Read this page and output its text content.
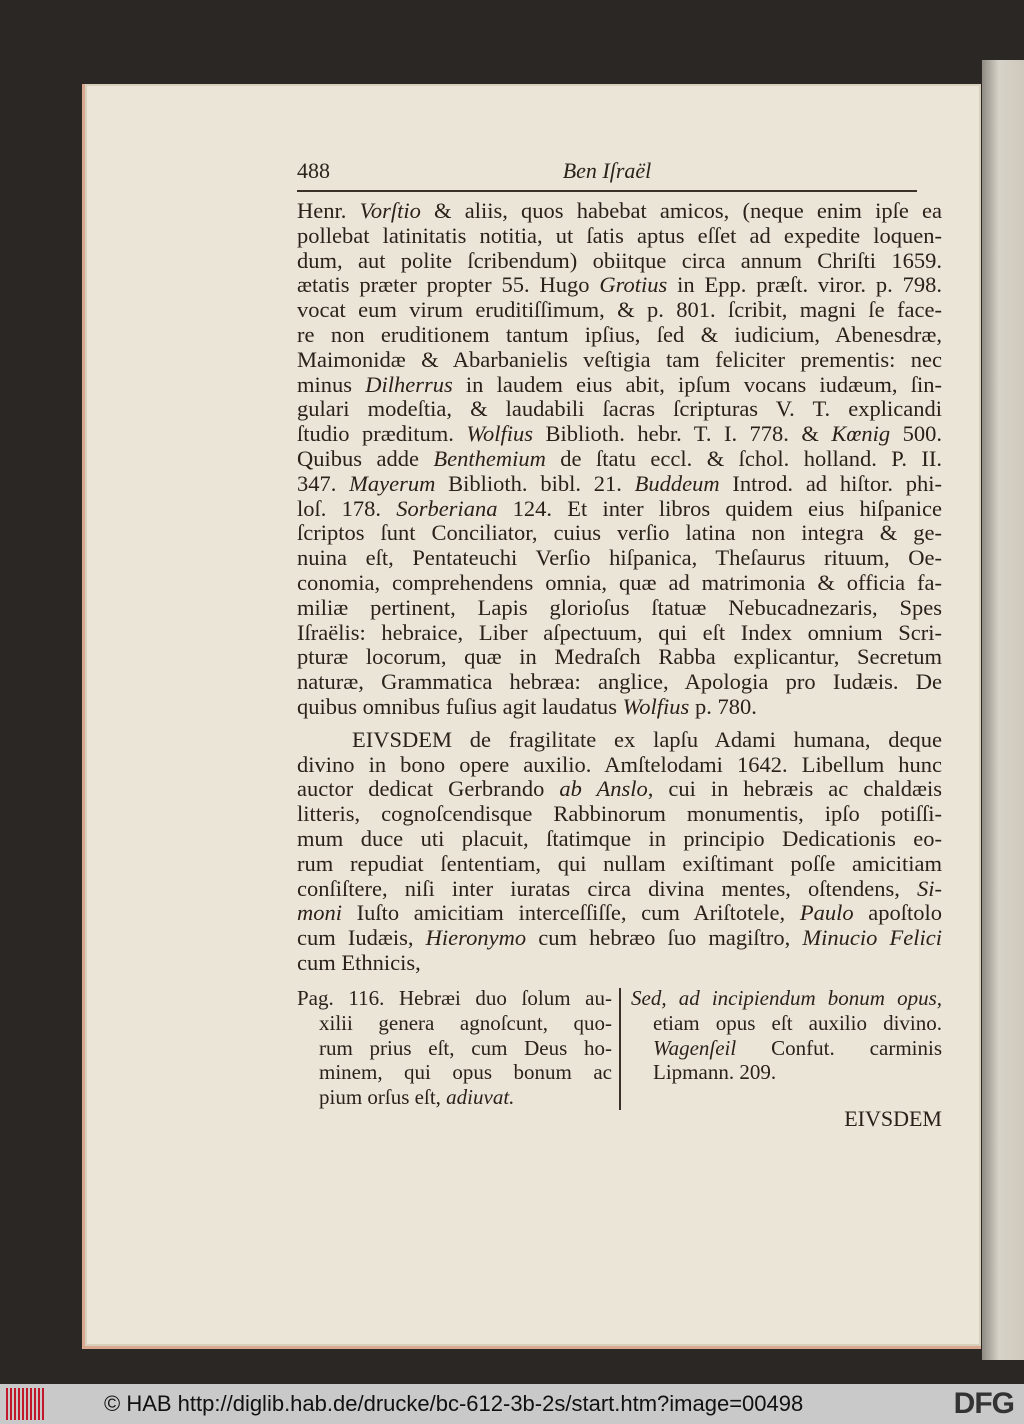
488	Ben Iſraël
Henr. Vorſtio & aliis, quos habebat amicos, (neque enim ipſe ea
pollebat latinitatis notitia, ut ſatis aptus eſſet ad expedite loquen-
dum, aut polite ſcribendum) obiitque circa annum Chriſti 1659.
ætatis præter propter 55. Hugo Grotius in Epp. præſt. viror. p. 798.
vocat eum virum eruditiſſimum, & p. 801. ſcribit, magni ſe face-
re non eruditionem tantum ipſius, ſed & iudicium, Abenesdræ,
Maimonidæ & Abarbanielis veſtigia tam feliciter prementis: nec
minus Dilherrus in laudem eius abit, ipſum vocans iudæum, ſin-
gulari modeſtia, & laudabili ſacras ſcripturas V. T. explicandi
ſtudio præditum. Wolfius Biblioth. hebr. T. I. 778. & Kœnig 500.
Quibus adde Benthemium de ſtatu eccl. & ſchol. holland. P. II.
347. Mayerum Biblioth. bibl. 21. Buddeum Introd. ad hiſtor. phi-
loſ. 178. Sorberiana 124. Et inter libros quidem eius hiſpanice
ſcriptos ſunt Conciliator, cuius verſio latina non integra & ge-
nuina eſt, Pentateuchi Verſio hiſpanica, Theſaurus rituum, Oe-
conomia, comprehendens omnia, quæ ad matrimonia & officia fa-
miliæ pertinent, Lapis glorioſus ſtatuæ Nebucadnezaris, Spes
Iſraëlis: hebraice, Liber aſpectuum, qui eſt Index omnium Scri-
pturæ locorum, quæ in Medraſch Rabba explicantur, Secretum
naturæ, Grammatica hebræa: anglice, Apologia pro Iudæis. De
quibus omnibus fuſius agit laudatus Wolfius p. 780.
EIVSDEM de fragilitate ex lapſu Adami humana, deque
divino in bono opere auxilio. Amſtelodami 1642. Libellum hunc
auctor dedicat Gerbrando ab Anslo, cui in hebræis ac chaldæis
litteris, cognoſcendisque Rabbinorum monumentis, ipſo potiſſi-
mum duce uti placuit, ſtatimque in principio Dedicationis eo-
rum repudiat ſententiam, qui nullam exiſtimant poſſe amicitiam
conſiſtere, niſi inter iuratas circa divina mentes, oſtendens, Si-
moni Iuſto amicitiam interceſſiſſe, cum Ariſtotele, Paulo apoſtolo
cum Iudæis, Hieronymo cum hebræo ſuo magiſtro, Minucio Felici
cum Ethnicis,
Pag. 116. Hebræi duo ſolum au-
xilii genera agnoſcunt, quo-
rum prius eſt, cum Deus ho-
minem, qui opus bonum ac
pium orſus eſt, adiuvat.
Sed, ad incipiendum bonum opus,
etiam opus eſt auxilio divino.
Wagenſeil Confut. carminis
Lipmann. 209.
EIVSDEM
© HAB http://diglib.hab.de/drucke/bc-612-3b-2s/start.htm?image=00498	DFG
